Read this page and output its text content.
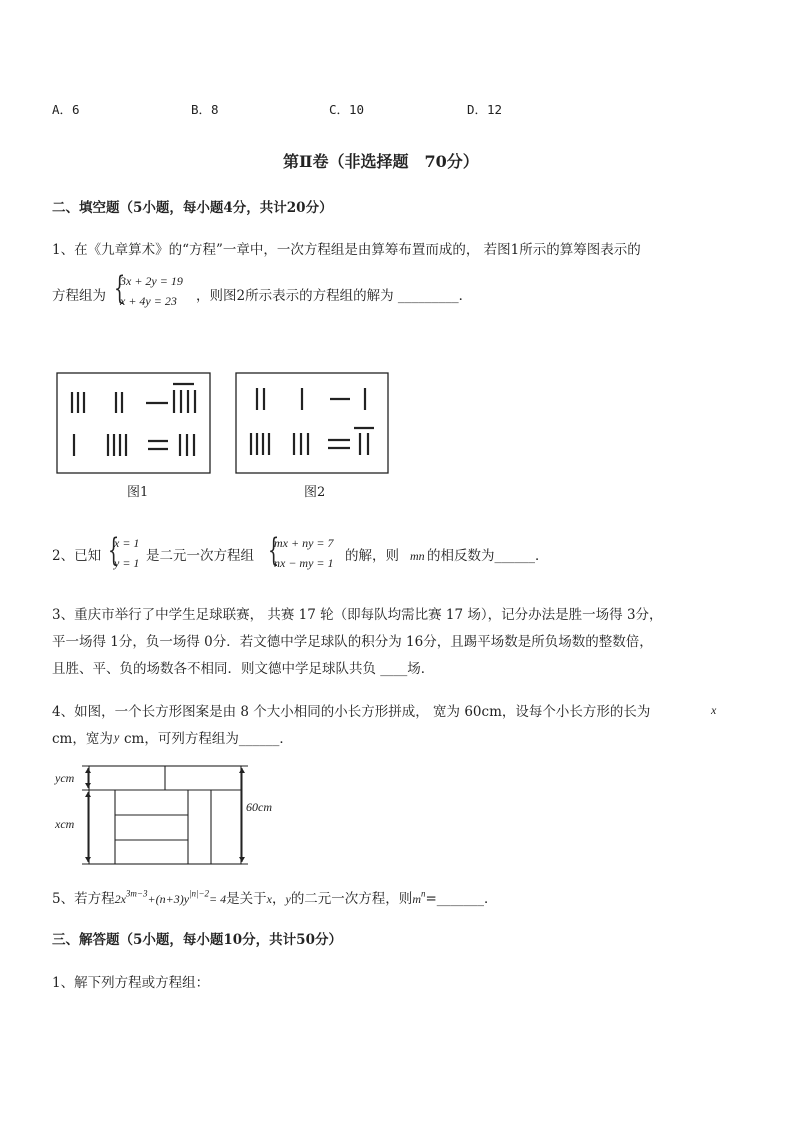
A．6	B．8	C．10	D．12
第Ⅱ卷（非选择题　70分）
二、填空题（5小题，每小题4分，共计20分）
1、在《九章算术》的“方程”一章中，一次方程组是由算筹布置而成的， 若图1所示的算筹图表示的
方程组为 {
3x + 2y = 19
x + 4y = 23 ，则图2所示表示的方程组的解为 _________．
图1	图2
2、已知 {
x = 1
y = 1 是二元一次方程组 {
mx + ny = 7
nx − my = 1 的解，则 mn 的相反数为______．
3、重庆市举行了中学生足球联赛， 共赛 17 轮（即每队均需比赛 17 场），记分办法是胜一场得 3分，
平一场得 1分，负一场得 0分．若文德中学足球队的积分为 16分，且踢平场数是所负场数的整数倍，
且胜、平、负的场数各不相同．则文德中学足球队共负 ____场．
4、如图，一个长方形图案是由 8 个大小相同的小长方形拼成， 宽为 60cm，设每个小长方形的长为	x
cm，宽为 y cm，可列方程组为______．
ycm
xcm
60cm
5、若方程$2x^{3m-3}+(n+3)y^{|n|-2}= 4$是关于x，y的二元一次方程，则$m^n=\_\_\_\_\_\_\_$．
三、解答题（5小题，每小题10分，共计50分）
1、解下列方程或方程组：
